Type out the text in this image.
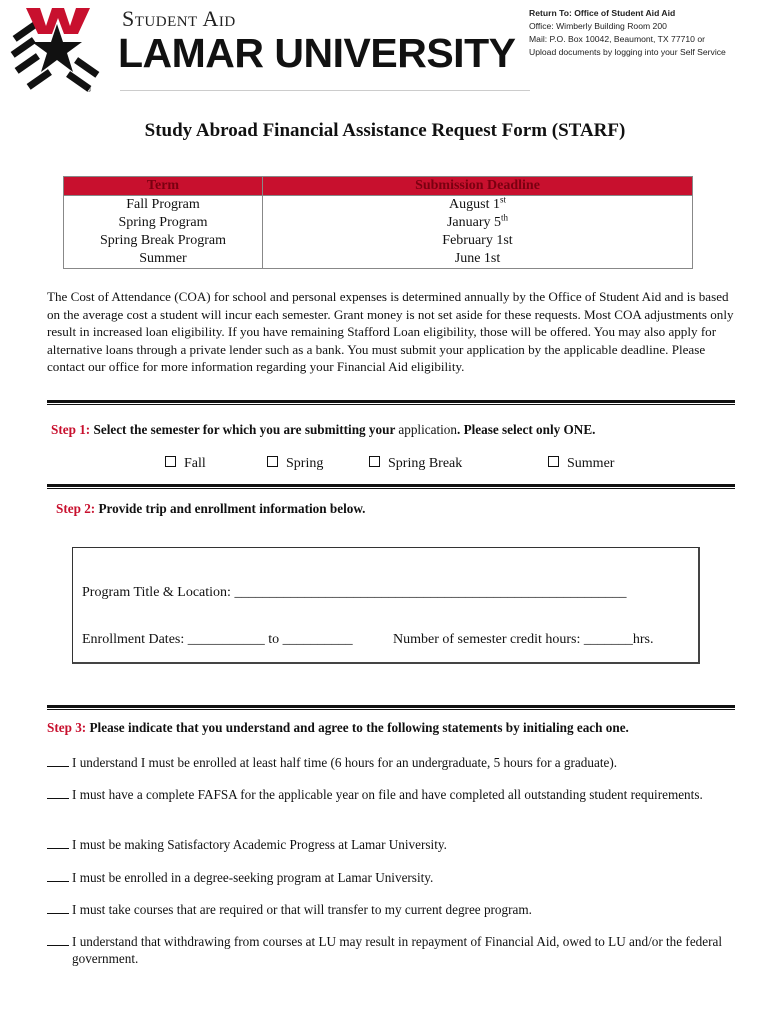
®
Student Aid
LAMAR UNIVERSITY
Return To: Office of Student Aid Aid
Office: Wimberly Building Room 200
Mail: P.O. Box 10042, Beaumont, TX 77710 or
Upload documents by logging into your Self Service
Study Abroad Financial Assistance Request Form (STARF)
Term	Submission Deadline
Fall Program	August 1st
Spring Program	January 5th
Spring Break Program	February 1st
Summer	June 1st
The Cost of Attendance (COA) for school and personal expenses is determined annually by the Office of Student Aid and is based on the average cost a student will incur each semester. Grant money is not set aside for these requests. Most COA adjustments only result in increased loan eligibility. If you have remaining Stafford Loan eligibility, those will be offered. You may also apply for alternative loans through a private lender such as a bank. You must submit your application by the applicable deadline. Please contact our office for more information regarding your Financial Aid eligibility.
Step 1: Select the semester for which you are submitting your application. Please select only ONE.
Fall	Spring	Spring Break	Summer
Step 2: Provide trip and enrollment information below.
Program Title & Location: ________________________________________________________
Enrollment Dates: ___________ to __________	Number of semester credit hours: _______hrs.
Step 3: Please indicate that you understand and agree to the following statements by initialing each one.
I understand I must be enrolled at least half time (6 hours for an undergraduate, 5 hours for a graduate).
I must have a complete FAFSA for the applicable year on file and have completed all outstanding student requirements.
I must be making Satisfactory Academic Progress at Lamar University.
I must be enrolled in a degree-seeking program at Lamar University.
I must take courses that are required or that will transfer to my current degree program.
I understand that withdrawing from courses at LU may result in repayment of Financial Aid, owed to LU and/or the federal government.
